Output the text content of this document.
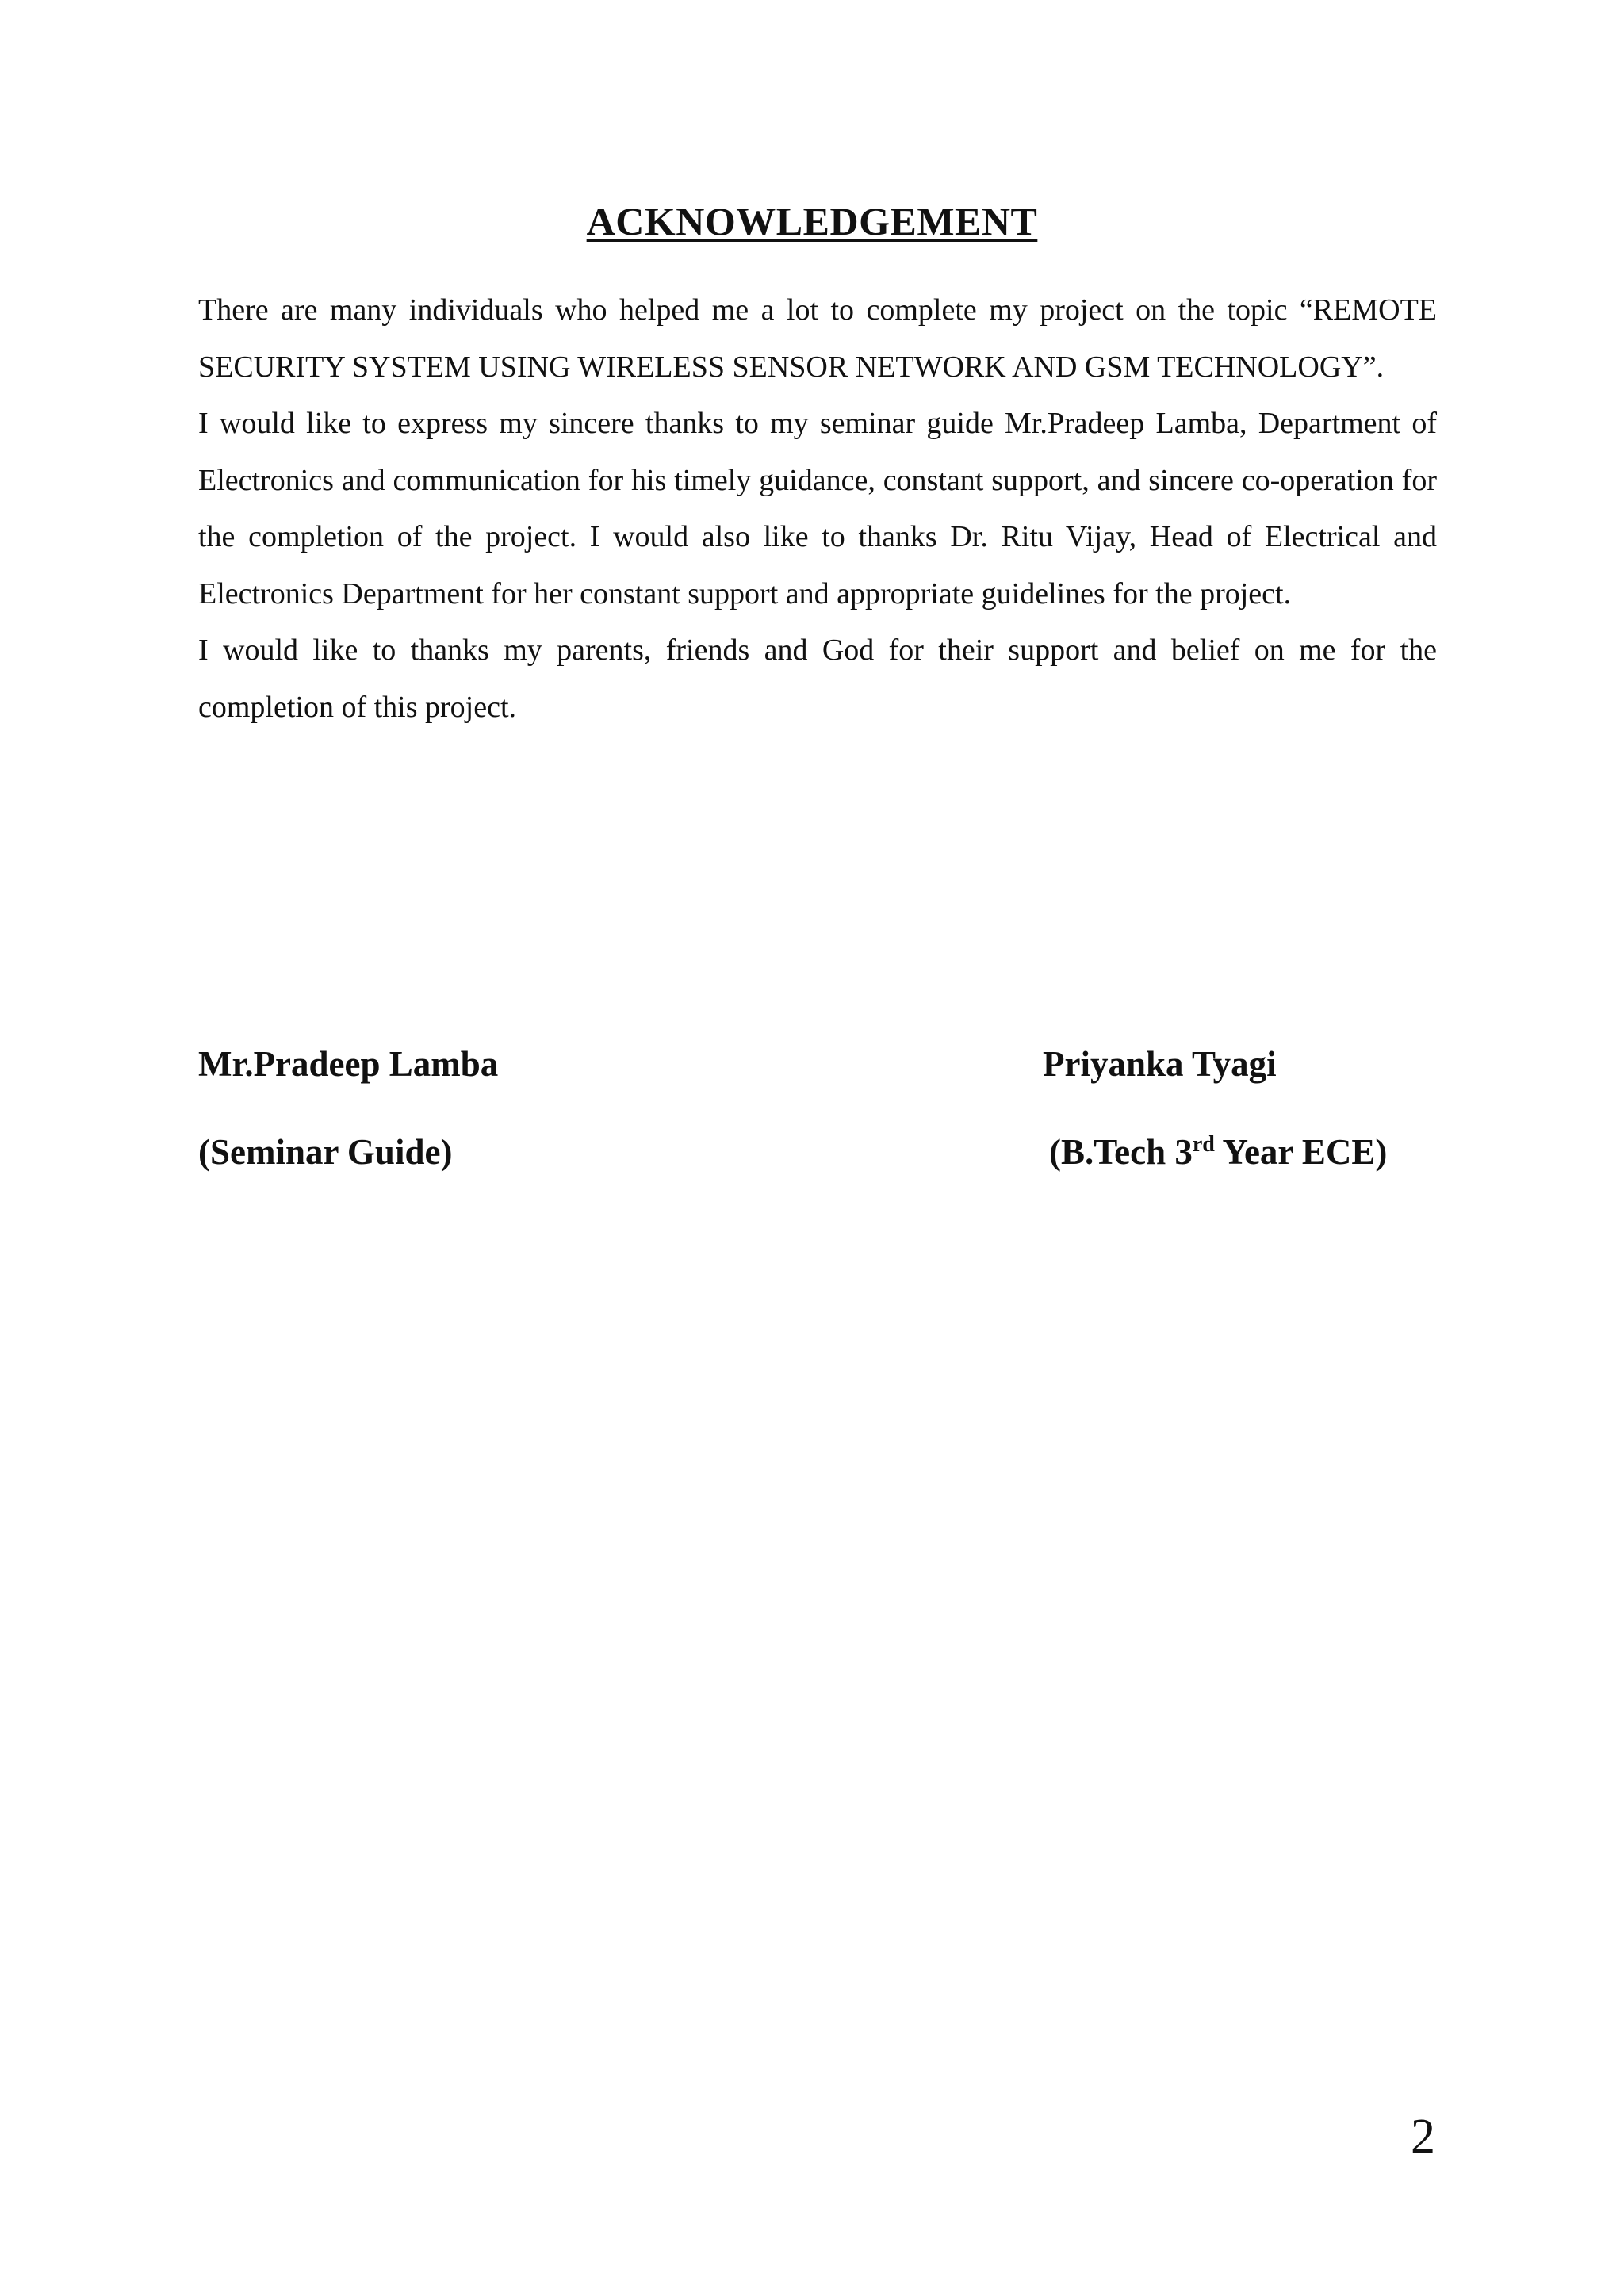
ACKNOWLEDGEMENT

There are many individuals who helped me a lot to complete my project on the topic “REMOTE SECURITY SYSTEM USING WIRELESS SENSOR NETWORK AND GSM TECHNOLOGY”.

I would like to express my sincere thanks to my seminar guide Mr.Pradeep Lamba, Department of Electronics and communication for his timely guidance, constant support, and sincere co-operation for the completion of the project. I would also like to thanks Dr. Ritu Vijay, Head of Electrical and Electronics Department for her constant support and appropriate guidelines for the project.

I would like to thanks my parents, friends and God for their support and belief on me for the completion of this project.

Mr.Pradeep Lamba

(Seminar Guide)

Priyanka Tyagi

(B.Tech 3rd Year ECE)

2
